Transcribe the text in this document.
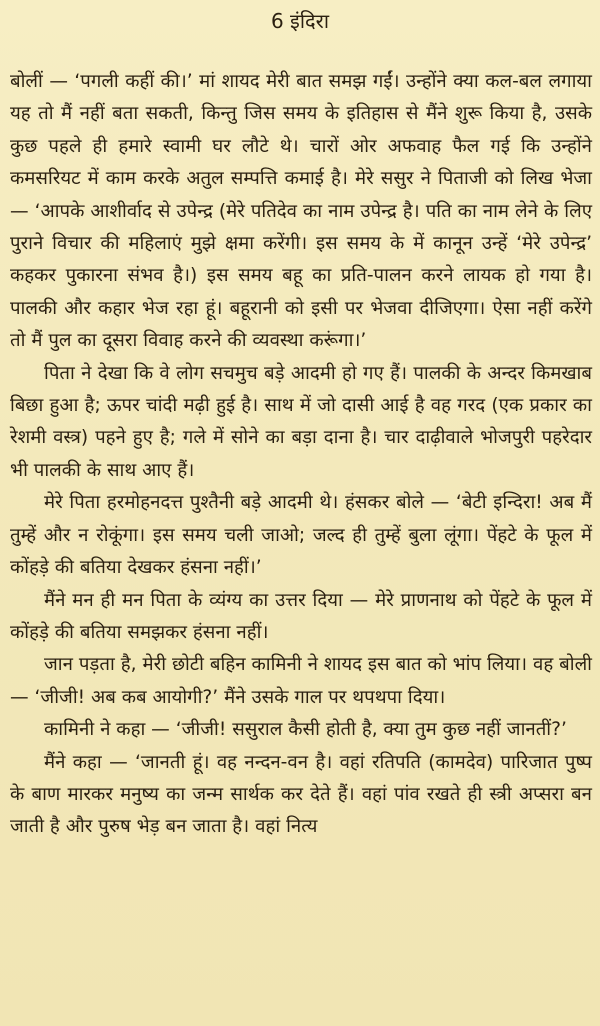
6 इंदिरा

बोलीं — ‘पगली कहीं की।’ मां शायद मेरी बात समझ गईं। उन्होंने क्या कल-बल लगाया यह तो मैं नहीं बता सकती, किन्तु जिस समय के इतिहास से मैंने शुरू किया है, उसके कुछ पहले ही हमारे स्वामी घर लौटे थे। चारों ओर अफवाह फैल गई कि उन्होंने कमसरियट में काम करके अतुल सम्पत्ति कमाई है। मेरे ससुर ने पिताजी को लिख भेजा — ‘आपके आशीर्वाद से उपेन्द्र (मेरे पतिदेव का नाम उपेन्द्र है। पति का नाम लेने के लिए पुराने विचार की महिलाएं मुझे क्षमा करेंगी। इस समय के में कानून उन्हें ‘मेरे उपेन्द्र’ कहकर पुकारना संभव है।) इस समय बहू का प्रति-पालन करने लायक हो गया है। पालकी और कहार भेज रहा हूं। बहूरानी को इसी पर भेजवा दीजिएगा। ऐसा नहीं करेंगे तो मैं पुल का दूसरा विवाह करने की व्यवस्था करूंगा।’

पिता ने देखा कि वे लोग सचमुच बड़े आदमी हो गए हैं। पालकी के अन्दर किमखाब बिछा हुआ है; ऊपर चांदी मढ़ी हुई है। साथ में जो दासी आई है वह गरद (एक प्रकार का रेशमी वस्त्र) पहने हुए है; गले में सोने का बड़ा दाना है। चार दाढ़ीवाले भोजपुरी पहरेदार भी पालकी के साथ आए हैं।

मेरे पिता हरमोहनदत्त पुश्तैनी बड़े आदमी थे। हंसकर बोले — ‘बेटी इन्दिरा! अब मैं तुम्हें और न रोकूंगा। इस समय चली जाओ; जल्द ही तुम्हें बुला लूंगा। पेंहटे के फूल में कोंहड़े की बतिया देखकर हंसना नहीं।’

मैंने मन ही मन पिता के व्यंग्य का उत्तर दिया — मेरे प्राणनाथ को पेंहटे के फूल में कोंहड़े की बतिया समझकर हंसना नहीं।

जान पड़ता है, मेरी छोटी बहिन कामिनी ने शायद इस बात को भांप लिया। वह बोली — ‘जीजी! अब कब आयोगी?’ मैंने उसके गाल पर थपथपा दिया।

कामिनी ने कहा — ‘जीजी! ससुराल कैसी होती है, क्या तुम कुछ नहीं जानतीं?’

मैंने कहा — ‘जानती हूं। वह नन्दन-वन है। वहां रतिपति (कामदेव) पारिजात पुष्प के बाण मारकर मनुष्य का जन्म सार्थक कर देते हैं। वहां पांव रखते ही स्त्री अप्सरा बन जाती है और पुरुष भेड़ बन जाता है। वहां नित्य
